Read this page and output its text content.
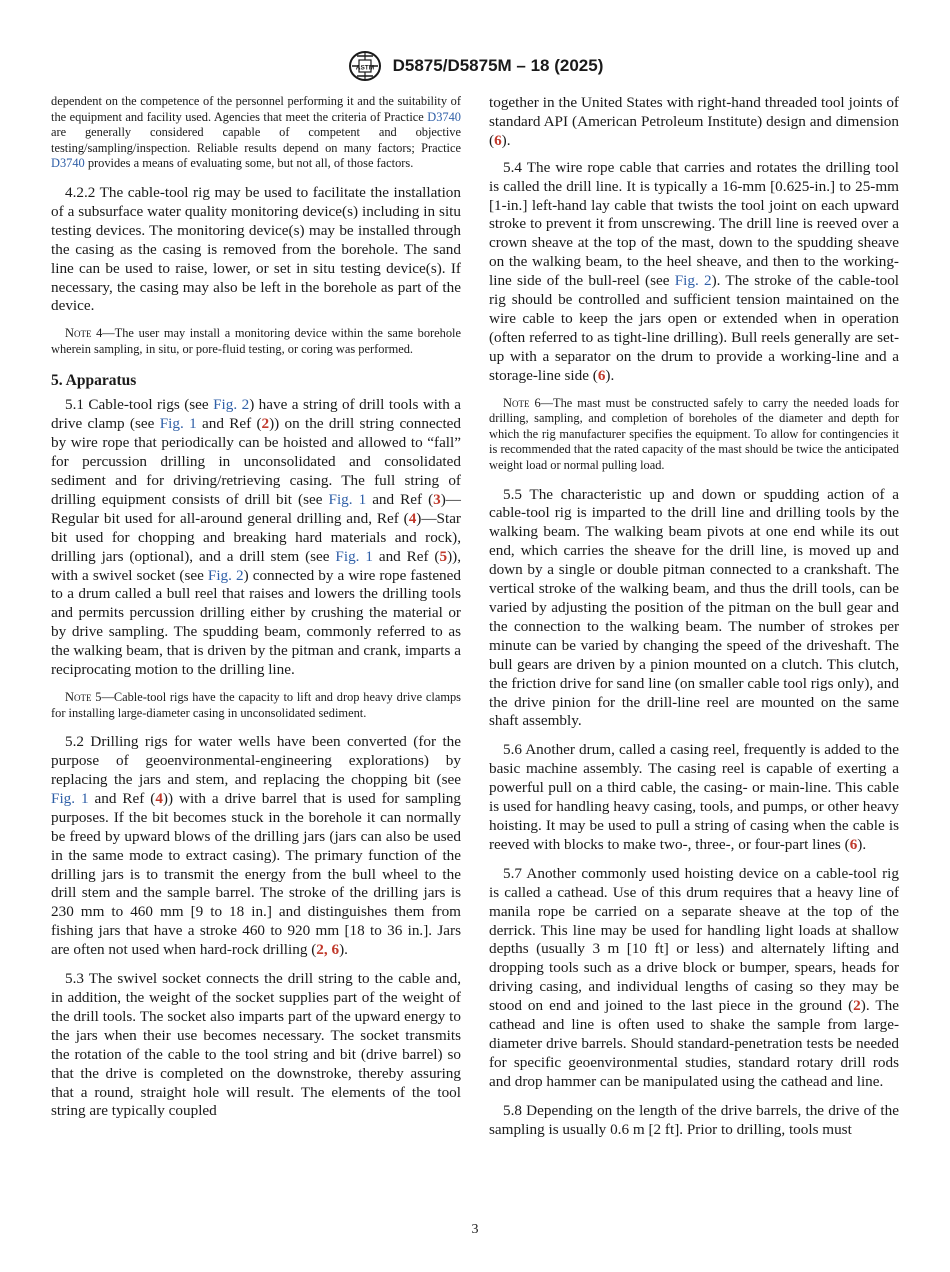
ASTM D5875/D5875M – 18 (2025)

dependent on the competence of the personnel performing it and the suitability of the equipment and facility used. Agencies that meet the criteria of Practice D3740 are generally considered capable of competent and objective testing/sampling/inspection. Reliable results depend on many factors; Practice D3740 provides a means of evaluating some, but not all, of those factors.

4.2.2 The cable-tool rig may be used to facilitate the installation of a subsurface water quality monitoring device(s) including in situ testing devices. The monitoring device(s) may be installed through the casing as the casing is removed from the borehole. The sand line can be used to raise, lower, or set in situ testing device(s). If necessary, the casing may also be left in the borehole as part of the device.

Note 4—The user may install a monitoring device within the same borehole wherein sampling, in situ, or pore-fluid testing, or coring was performed.
5. Apparatus

5.1 Cable-tool rigs (see Fig. 2) have a string of drill tools with a drive clamp (see Fig. 1 and Ref (2)) on the drill string connected by wire rope that periodically can be hoisted and allowed to “fall” for percussion drilling in unconsolidated and consolidated sediment and for driving/retrieving casing. The full string of drilling equipment consists of drill bit (see Fig. 1 and Ref (3)—Regular bit used for all-around general drilling and, Ref (4)—Star bit used for chopping and breaking hard materials and rock), drilling jars (optional), and a drill stem (see Fig. 1 and Ref (5)), with a swivel socket (see Fig. 2) connected by a wire rope fastened to a drum called a bull reel that raises and lowers the drilling tools and permits percussion drilling either by crushing the material or by drive sampling. The spudding beam, commonly referred to as the walking beam, that is driven by the pitman and crank, imparts a reciprocating motion to the drilling line.

Note 5—Cable-tool rigs have the capacity to lift and drop heavy drive clamps for installing large-diameter casing in unconsolidated sediment.

5.2 Drilling rigs for water wells have been converted (for the purpose of geoenvironmental-engineering explorations) by replacing the jars and stem, and replacing the chopping bit (see Fig. 1 and Ref (4)) with a drive barrel that is used for sampling purposes. If the bit becomes stuck in the borehole it can normally be freed by upward blows of the drilling jars (jars can also be used in the same mode to extract casing). The primary function of the drilling jars is to transmit the energy from the bull wheel to the drill stem and the sample barrel. The stroke of the drilling jars is 230 mm to 460 mm [9 to 18 in.] and distinguishes them from fishing jars that have a stroke 460 to 920 mm [18 to 36 in.]. Jars are often not used when hard-rock drilling (2, 6).

5.3 The swivel socket connects the drill string to the cable and, in addition, the weight of the socket supplies part of the weight of the drill tools. The socket also imparts part of the upward energy to the jars when their use becomes necessary. The socket transmits the rotation of the cable to the tool string and bit (drive barrel) so that the drive is completed on the downstroke, thereby assuring that a round, straight hole will result. The elements of the tool string are typically coupled

together in the United States with right-hand threaded tool joints of standard API (American Petroleum Institute) design and dimension (6).

5.4 The wire rope cable that carries and rotates the drilling tool is called the drill line. It is typically a 16-mm [0.625-in.] to 25-mm [1-in.] left-hand lay cable that twists the tool joint on each upward stroke to prevent it from unscrewing. The drill line is reeved over a crown sheave at the top of the mast, down to the spudding sheave on the walking beam, to the heel sheave, and then to the working-line side of the bull-reel (see Fig. 2). The stroke of the cable-tool rig should be controlled and sufficient tension maintained on the wire cable to keep the jars open or extended when in operation (often referred to as tight-line drilling). Bull reels generally are set-up with a separator on the drum to provide a working-line and a storage-line side (6).

Note 6—The mast must be constructed safely to carry the needed loads for drilling, sampling, and completion of boreholes of the diameter and depth for which the rig manufacturer specifies the equipment. To allow for contingencies it is recommended that the rated capacity of the mast should be twice the anticipated weight load or normal pulling load.

5.5 The characteristic up and down or spudding action of a cable-tool rig is imparted to the drill line and drilling tools by the walking beam. The walking beam pivots at one end while its out end, which carries the sheave for the drill line, is moved up and down by a single or double pitman connected to a crankshaft. The vertical stroke of the walking beam, and thus the drill tools, can be varied by adjusting the position of the pitman on the bull gear and the connection to the walking beam. The number of strokes per minute can be varied by changing the speed of the driveshaft. The bull gears are driven by a pinion mounted on a clutch. This clutch, the friction drive for sand line (on smaller cable tool rigs only), and the drive pinion for the drill-line reel are mounted on the same shaft assembly.

5.6 Another drum, called a casing reel, frequently is added to the basic machine assembly. The casing reel is capable of exerting a powerful pull on a third cable, the casing- or main-line. This cable is used for handling heavy casing, tools, and pumps, or other heavy hoisting. It may be used to pull a string of casing when the cable is reeved with blocks to make two-, three-, or four-part lines (6).

5.7 Another commonly used hoisting device on a cable-tool rig is called a cathead. Use of this drum requires that a heavy line of manila rope be carried on a separate sheave at the top of the derrick. This line may be used for handling light loads at shallow depths (usually 3 m [10 ft] or less) and alternately lifting and dropping tools such as a drive block or bumper, spears, heads for driving casing, and individual lengths of casing so they may be stood on end and joined to the last piece in the ground (2). The cathead and line is often used to shake the sample from large-diameter drive barrels. Should standard-penetration tests be needed for specific geoenvironmental studies, standard rotary drill rods and drop hammer can be manipulated using the cathead and line.

5.8 Depending on the length of the drive barrels, the drive of the sampling is usually 0.6 m [2 ft]. Prior to drilling, tools must

3
